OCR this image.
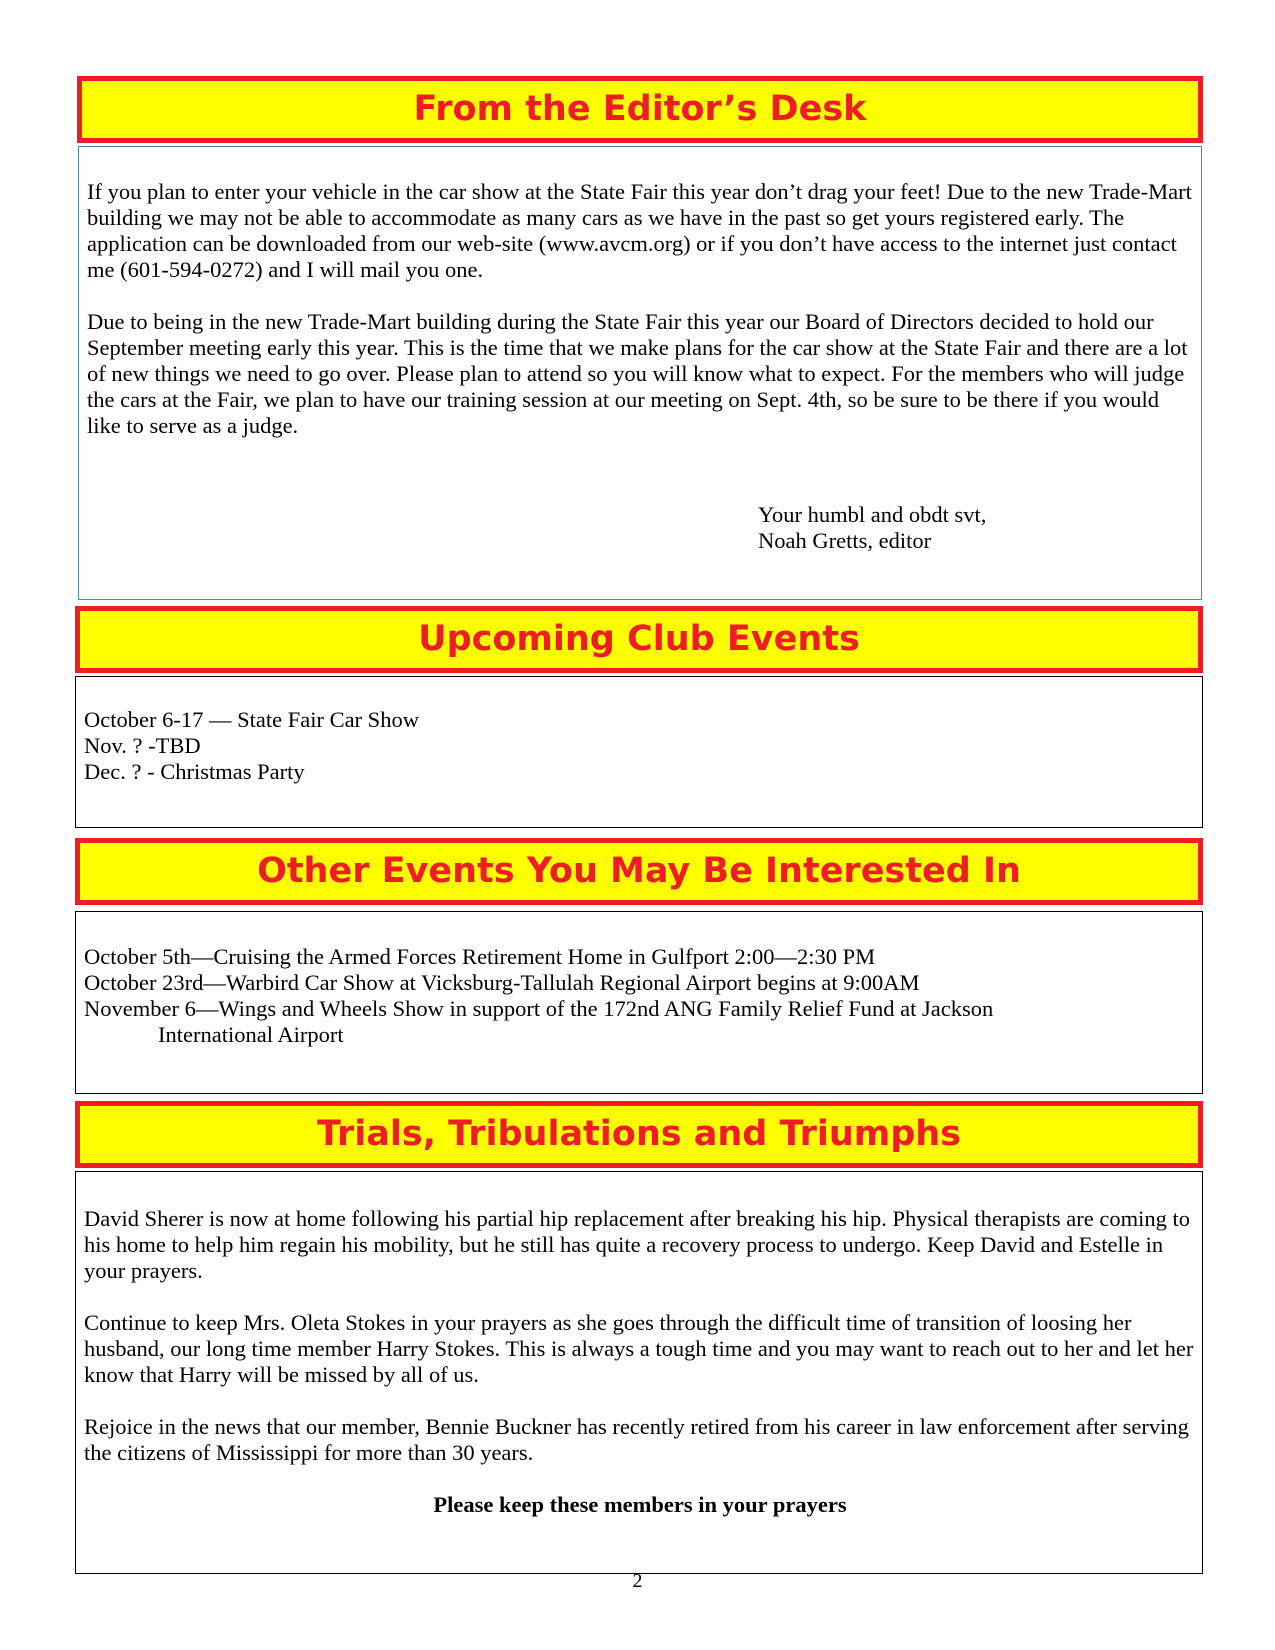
From the Editor’s Desk

If you plan to enter your vehicle in the car show at the State Fair this year don’t drag your feet! Due to the new Trade-Mart building we may not be able to accommodate as many cars as we have in the past so get yours registered early. The application can be downloaded from our web-site (www.avcm.org) or if you don’t have access to the internet just contact me (601-594-0272) and I will mail you one.

Due to being in the new Trade-Mart building during the State Fair this year our Board of Directors decided to hold our September meeting early this year. This is the time that we make plans for the car show at the State Fair and there are a lot of new things we need to go over. Please plan to attend so you will know what to expect. For the members who will judge the cars at the Fair, we plan to have our training session at our meeting on Sept. 4th, so be sure to be there if you would like to serve as a judge.

Your humbl and obdt svt,
Noah Gretts, editor
Upcoming Club Events

October 6-17 — State Fair Car Show

Nov. ? -TBD

Dec. ? - Christmas Party

Other Events You May Be Interested In

October 5th—Cruising the Armed Forces Retirement Home in Gulfport 2:00—2:30 PM

October 23rd—Warbird Car Show at Vicksburg-Tallulah Regional Airport begins at 9:00AM

November 6—Wings and Wheels Show in support of the 172nd ANG Family Relief Fund at Jackson

International Airport

Trials, Tribulations and Triumphs

David Sherer is now at home following his partial hip replacement after breaking his hip. Physical therapists are coming to his home to help him regain his mobility, but he still has quite a recovery process to undergo. Keep David and Estelle in your prayers.

Continue to keep Mrs. Oleta Stokes in your prayers as she goes through the difficult time of transition of loosing her husband, our long time member Harry Stokes. This is always a tough time and you may want to reach out to her and let her know that Harry will be missed by all of us.

Rejoice in the news that our member, Bennie Buckner has recently retired from his career in law enforcement after serving the citizens of Mississippi for more than 30 years.

Please keep these members in your prayers

2
